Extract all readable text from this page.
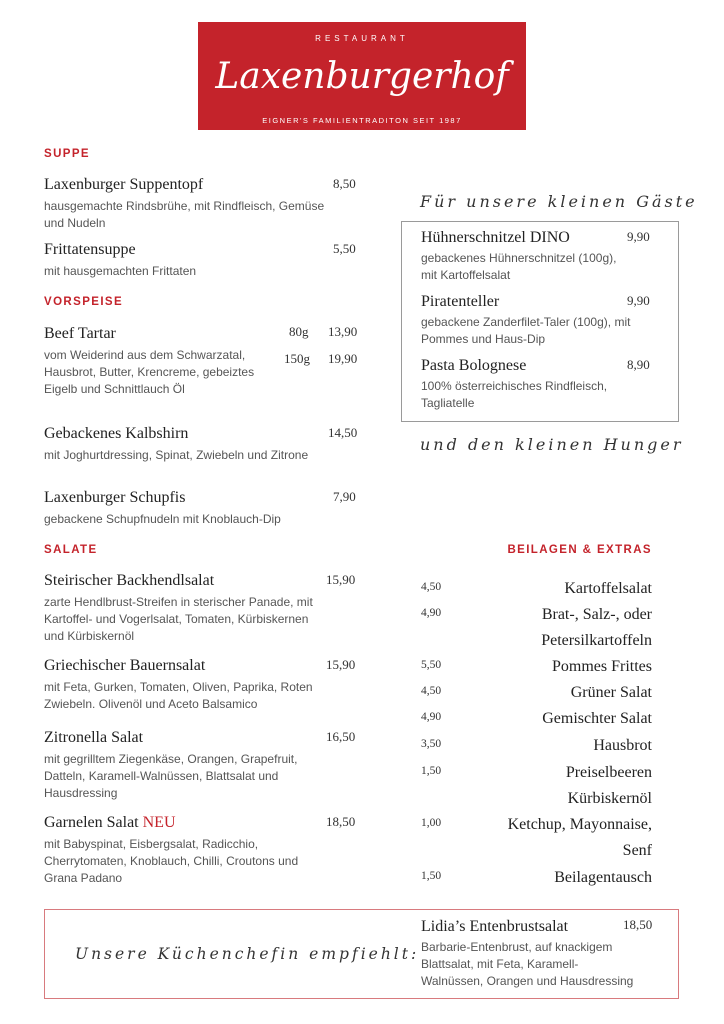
RESTAURANT
Laxenburgerhof
EIGNER'S FAMILIENTRADITON SEIT 1987
SUPPE
Laxenburger Suppentopf	8,50
hausgemachte Rindsbrühe, mit Rindfleisch, Gemüse
und Nudeln
Frittatensuppe	5,50
mit hausgemachten Frittaten
VORSPEISE
Beef Tartar	80g 13,90
150g 19,90
vom Weiderind aus dem Schwarzatal,
Hausbrot, Butter, Krencreme, gebeiztes
Eigelb und Schnittlauch Öl
Gebackenes Kalbshirn	14,50
mit Joghurtdressing, Spinat, Zwiebeln und Zitrone
Laxenburger Schupfis	7,90
gebackene Schupfnudeln mit Knoblauch-Dip
SALATE
Steirischer Backhendlsalat	15,90
zarte Hendlbrust-Streifen in sterischer Panade, mit
Kartoffel- und Vogerlsalat, Tomaten, Kürbiskernen
und Kürbiskernöl
Griechischer Bauernsalat	15,90
mit Feta, Gurken, Tomaten, Oliven, Paprika, Roten
Zwiebeln. Olivenöl und Aceto Balsamico
Zitronella Salat	16,50
mit gegrilltem Ziegenkäse, Orangen, Grapefruit,
Datteln, Karamell-Walnüssen, Blattsalat und
Hausdressing
Garnelen Salat NEU	18,50
mit Babyspinat, Eisbergsalat, Radicchio,
Cherrytomaten, Knoblauch, Chilli, Croutons und
Grana Padano
Für unsere kleinen Gäste
Hühnerschnitzel DINO	9,90
gebackenes Hühnerschnitzel (100g),
mit Kartoffelsalat
Piratenteller	9,90
gebackene Zanderfilet-Taler (100g), mit
Pommes und Haus-Dip
Pasta Bolognese	8,90
100% österreichisches Rindfleisch,
Tagliatelle
und den kleinen Hunger
BEILAGEN & EXTRAS
4,50	Kartoffelsalat
4,90	Brat-, Salz-, oder
Petersilkartoffeln
5,50	Pommes Frittes
4,50	Grüner Salat
4,90	Gemischter Salat
3,50	Hausbrot
1,50	Preiselbeeren
Kürbiskernöl
1,00	Ketchup, Mayonnaise,
Senf
1,50	Beilagentausch
Unsere Küchenchefin empfiehlt:
Lidia’s Entenbrustsalat	18,50
Barbarie-Entenbrust, auf knackigem
Blattsalat, mit Feta, Karamell-
Walnüssen, Orangen und Hausdressing
